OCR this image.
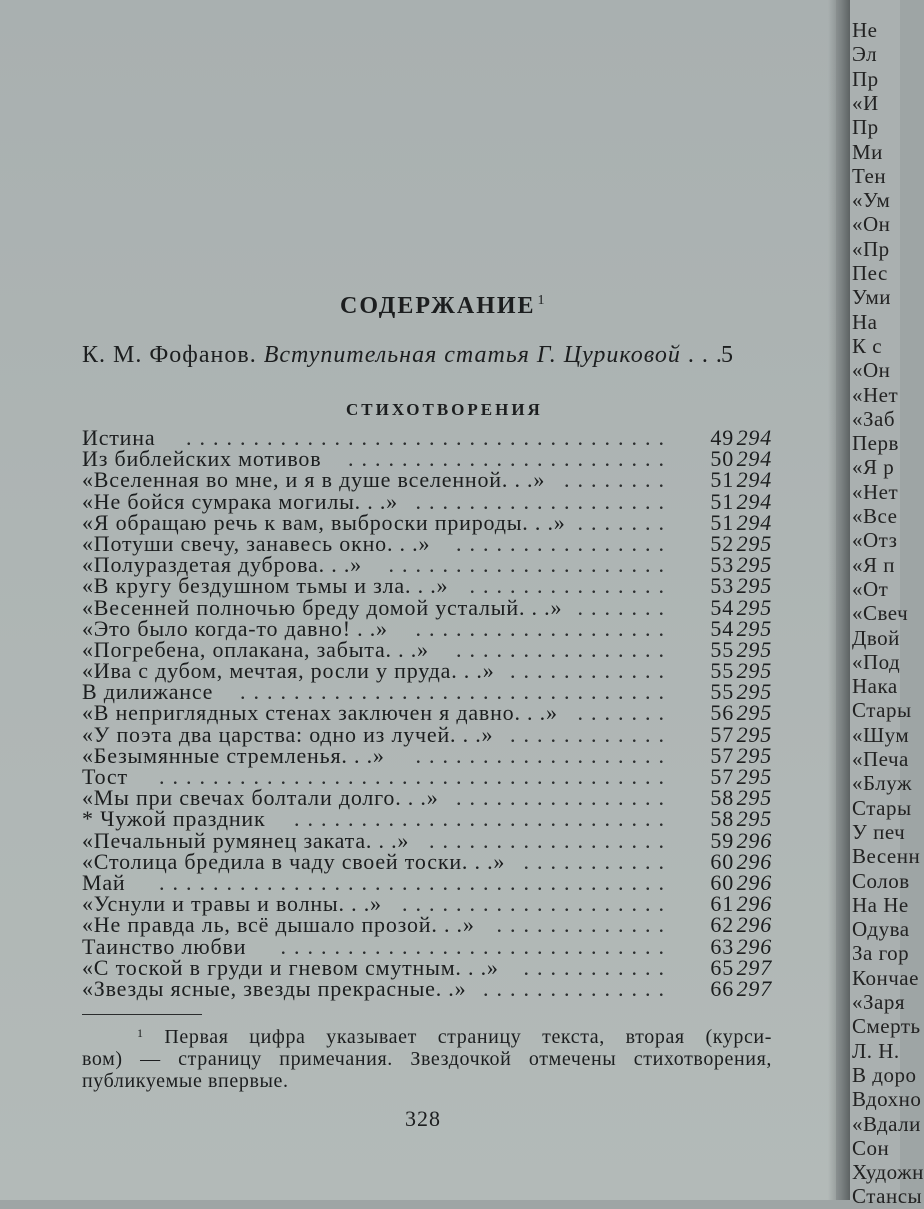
СОДЕРЖАНИЕ $^1$
К. М. Фофанов. Вступительная статья Г. Цуриковой . . .
5
СТИХОТВОРЕНИЯ
Истина .................................... 49 294
Из библейских мотивов ........................ 50 294
«Вселенная во мне, и я в душе вселенной. . .» ........ 51 294
«Не бойся сумрака могилы. . .» ................... 51 294
«Я обращаю речь к вам, выброски природы. . .» ....... 51 294
«Потуши свечу, занавесь окно. . .» ................ 52 295
«Полураздетая дуброва. . .» ..................... 53 295
«В кругу бездушном тьмы и зла. . .» ............... 53 295
«Весенней полночью бреду домой усталый. . .» ....... 54 295
«Это было когда-то давно! . .» ................... 54 295
«Погребена, оплакана, забыта. . .» ................ 55 295
«Ива с дубом, мечтая, росли у пруда. . .» ............ 55 295
В дилижансе ................................ 55 295
«В неприглядных стенах заключен я давно. . .» ....... 56 295
«У поэта два царства: одно из лучей. . .» ............ 57 295
«Безымянные стремленья. . .» ................... 57 295
Тост ...................................... 57 295
«Мы при свечах болтали долго. . .» ................ 58 295
* Чужой праздник ............................ 58 295
«Печальный румянец заката. . .» .................. 59 296
«Столица бредила в чаду своей тоски. . .» ........... 60 296
Май ...................................... 60 296
«Уснули и травы и волны. . .» .................... 61 296
«Не правда ль, всё дышало прозой. . .» ............. 62 296
Таинство любви ............................. 63 296
«С тоской в груди и гневом смутным. . .» ........... 65 297
«Звезды ясные, звезды прекрасные. .» .............. 66 297

$^1$ Первая цифра указывает страницу текста, вторая (курси-

вом) — страницу примечания. Звездочкой отмечены стихотворения,

публикуемые впервые.

328
Не
Эл
Пр
«И
Пр
Ми
Тен
«Ум
«Он
«Пр
Пес
Уми
На
К с
«Он
«Нет
«Заб
Перв
«Я р
«Нет
«Все
«Отз
«Я п
«От
«Свеч
Двой
«Под
Нака
Стары
«Шум
«Печа
«Блуж
Стары
У печ
Весенн
Солов
На Не
Одува
За гор
Кончае
«Заря
Смерть
Л. Н.
В доро
Вдохно
«Вдали
Сон
Художн
Стансы
